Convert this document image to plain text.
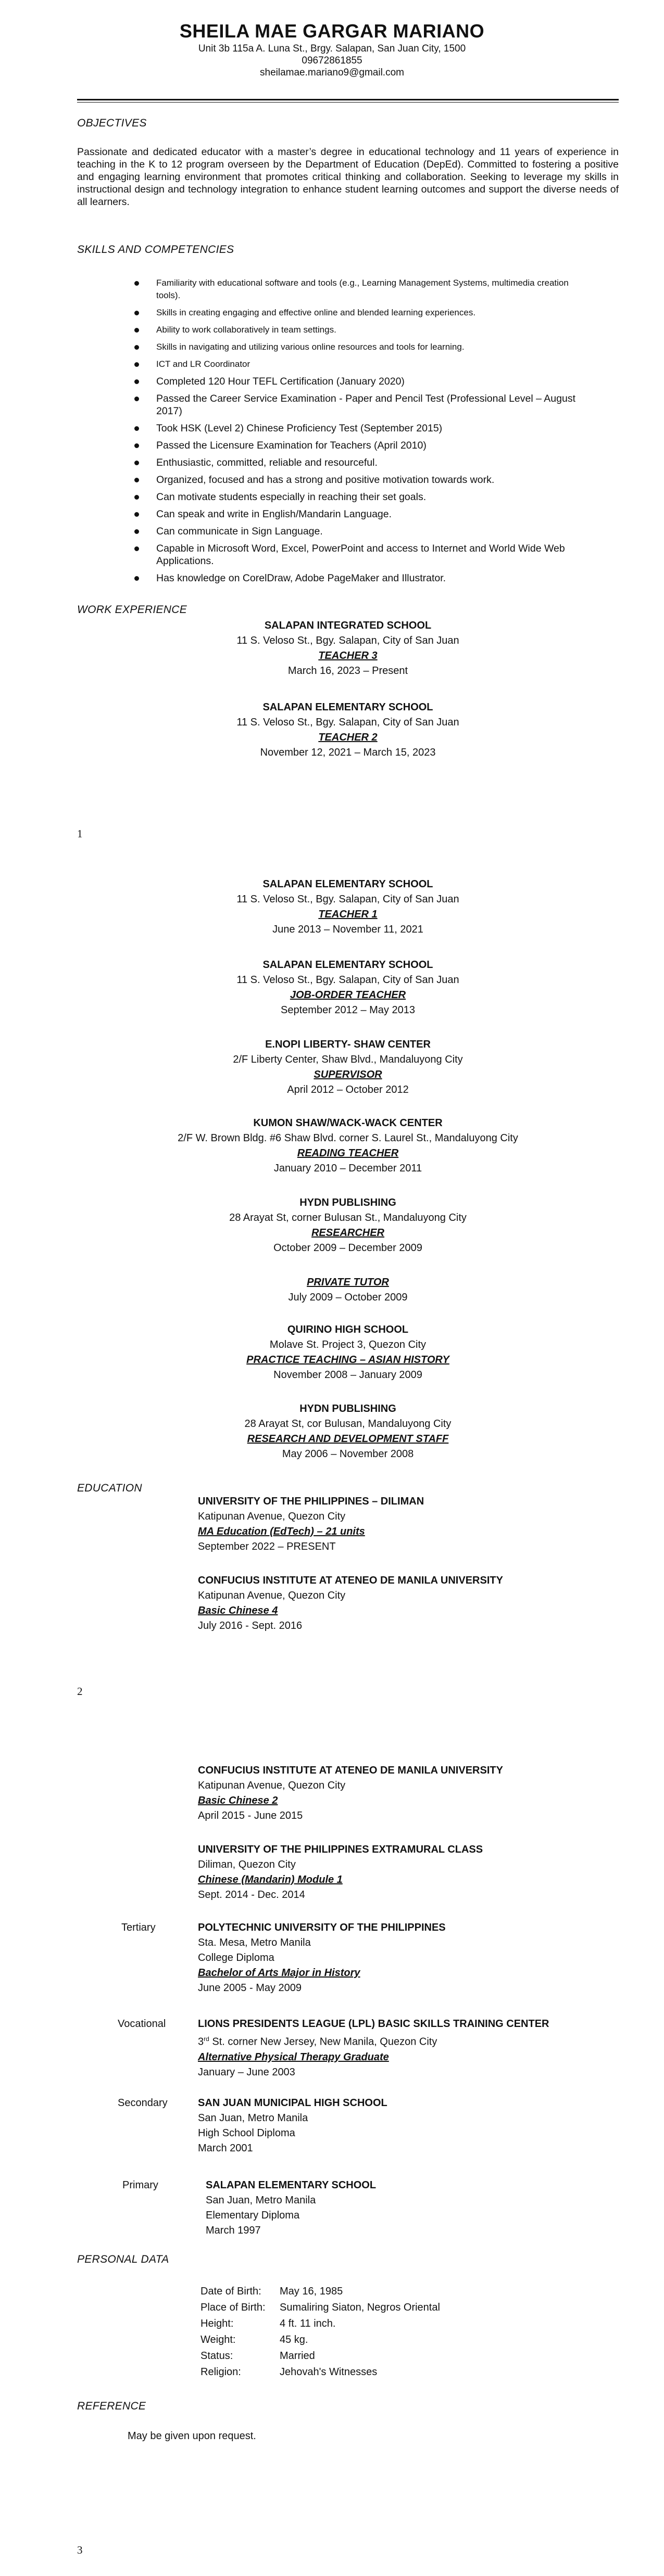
SHEILA MAE GARGAR MARIANO
Unit 3b 115a A. Luna St., Brgy. Salapan, San Juan City, 1500
09672861855
sheilamae.mariano9@gmail.com
OBJECTIVES
Passionate and dedicated educator with a master’s degree in educational technology and 11 years of experience in teaching in the K to 12 program overseen by the Department of Education (DepEd). Committed to fostering a positive and engaging learning environment that promotes critical thinking and collaboration. Seeking to leverage my skills in instructional design and technology integration to enhance student learning outcomes and support the diverse needs of all learners.
SKILLS AND COMPETENCIES
Familiarity with educational software and tools (e.g., Learning Management Systems, multimedia creation tools).
Skills in creating engaging and effective online and blended learning experiences.
Ability to work collaboratively in team settings.
Skills in navigating and utilizing various online resources and tools for learning.
ICT and LR Coordinator
Completed 120 Hour TEFL Certification (January 2020)
Passed the Career Service Examination - Paper and Pencil Test (Professional Level – August 2017)
Took HSK (Level 2) Chinese Proficiency Test (September 2015)
Passed the Licensure Examination for Teachers (April 2010)
Enthusiastic, committed, reliable and resourceful.
Organized, focused and has a strong and positive motivation towards work.
Can motivate students especially in reaching their set goals.
Can speak and write in English/Mandarin Language.
Can communicate in Sign Language.
Capable in Microsoft Word, Excel, PowerPoint and access to Internet and World Wide Web Applications.
Has knowledge on CorelDraw, Adobe PageMaker and Illustrator.
WORK EXPERIENCE
SALAPAN INTEGRATED SCHOOL
11 S. Veloso St., Bgy. Salapan, City of San Juan
TEACHER 3
March 16, 2023 – Present
SALAPAN ELEMENTARY SCHOOL
11 S. Veloso St., Bgy. Salapan, City of San Juan
TEACHER 2
November 12, 2021 – March 15, 2023
1
SALAPAN ELEMENTARY SCHOOL
11 S. Veloso St., Bgy. Salapan, City of San Juan
TEACHER 1
June 2013 – November 11, 2021
SALAPAN ELEMENTARY SCHOOL
11 S. Veloso St., Bgy. Salapan, City of San Juan
JOB-ORDER TEACHER
September 2012 – May 2013
E.NOPI LIBERTY- SHAW CENTER
2/F Liberty Center, Shaw Blvd., Mandaluyong City
SUPERVISOR
April 2012 – October 2012
KUMON SHAW/WACK-WACK CENTER
2/F W. Brown Bldg. #6 Shaw Blvd. corner S. Laurel St., Mandaluyong City
READING TEACHER
January 2010 – December 2011
HYDN PUBLISHING
28 Arayat St, corner Bulusan St., Mandaluyong City
RESEARCHER
October 2009 – December 2009
PRIVATE TUTOR
July 2009 – October 2009
QUIRINO HIGH SCHOOL
Molave St. Project 3, Quezon City
PRACTICE TEACHING – ASIAN HISTORY
November 2008 – January 2009
HYDN PUBLISHING
28 Arayat St, cor Bulusan, Mandaluyong City
RESEARCH AND DEVELOPMENT STAFF
May 2006 – November 2008
EDUCATION
UNIVERSITY OF THE PHILIPPINES – DILIMAN
Katipunan Avenue, Quezon City
MA Education (EdTech) – 21 units
September 2022 – PRESENT
CONFUCIUS INSTITUTE AT ATENEO DE MANILA UNIVERSITY
Katipunan Avenue, Quezon City
Basic Chinese 4
July 2016 - Sept. 2016
2
CONFUCIUS INSTITUTE AT ATENEO DE MANILA UNIVERSITY
Katipunan Avenue, Quezon City
Basic Chinese 2
April 2015 - June 2015
UNIVERSITY OF THE PHILIPPINES EXTRAMURAL CLASS
Diliman, Quezon City
Chinese (Mandarin) Module 1
Sept. 2014 - Dec. 2014
Tertiary	POLYTECHNIC UNIVERSITY OF THE PHILIPPINES
Sta. Mesa, Metro Manila
College Diploma
Bachelor of Arts Major in History
June 2005 - May 2009
Vocational	LIONS PRESIDENTS LEAGUE (LPL) BASIC SKILLS TRAINING CENTER
3rd St. corner New Jersey, New Manila, Quezon City
Alternative Physical Therapy Graduate
January – June 2003
Secondary	SAN JUAN MUNICIPAL HIGH SCHOOL
San Juan, Metro Manila
High School Diploma
March 2001
Primary	SALAPAN ELEMENTARY SCHOOL
San Juan, Metro Manila
Elementary Diploma
March 1997
PERSONAL DATA
Date of Birth:	May 16, 1985
Place of Birth:	Sumaliring Siaton, Negros Oriental
Height:	4 ft. 11 inch.
Weight:	45 kg.
Status:	Married
Religion:	Jehovah's Witnesses
REFERENCE
May be given upon request.
3
